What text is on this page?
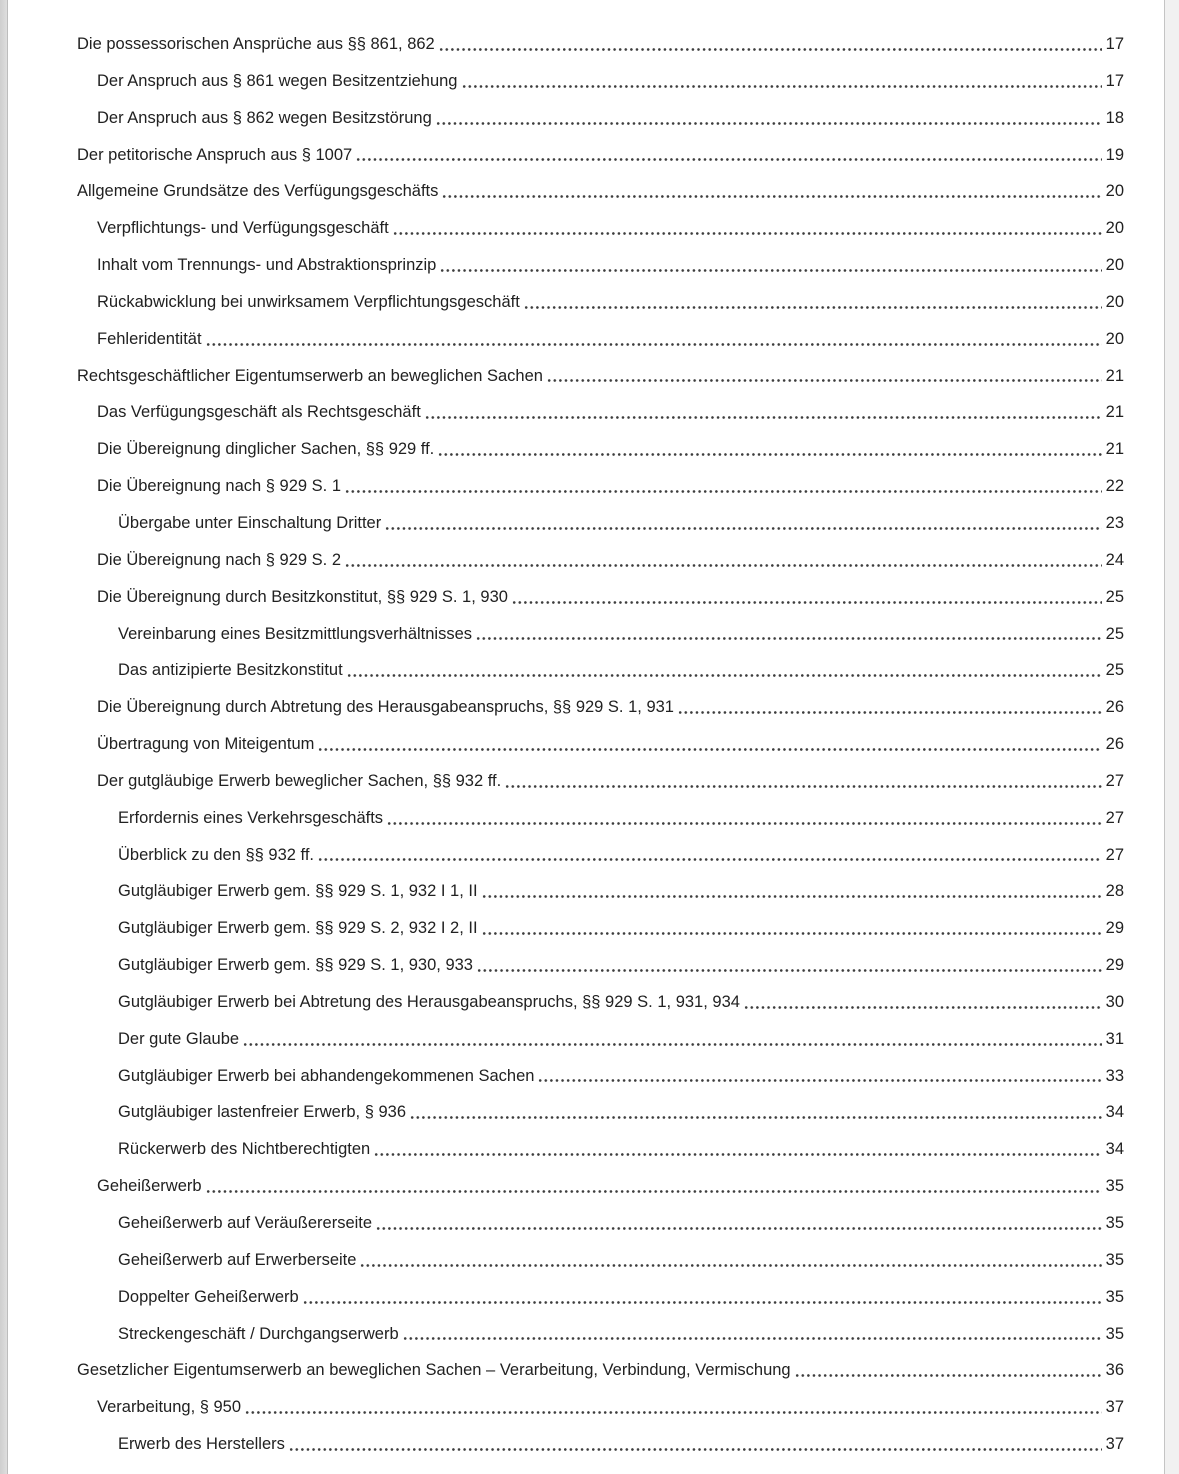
Die possessorischen Ansprüche aus §§ 861, 862	17
Der Anspruch aus § 861 wegen Besitzentziehung	17
Der Anspruch aus § 862 wegen Besitzstörung	18
Der petitorische Anspruch aus § 1007	19
Allgemeine Grundsätze des Verfügungsgeschäfts	20
Verpflichtungs- und Verfügungsgeschäft	20
Inhalt vom Trennungs- und Abstraktionsprinzip	20
Rückabwicklung bei unwirksamem Verpflichtungsgeschäft	20
Fehleridentität	20
Rechtsgeschäftlicher Eigentumserwerb an beweglichen Sachen	21
Das Verfügungsgeschäft als Rechtsgeschäft	21
Die Übereignung dinglicher Sachen, §§ 929 ff.	21
Die Übereignung nach § 929 S. 1	22
Übergabe unter Einschaltung Dritter	23
Die Übereignung nach § 929 S. 2	24
Die Übereignung durch Besitzkonstitut, §§ 929 S. 1, 930	25
Vereinbarung eines Besitzmittlungsverhältnisses	25
Das antizipierte Besitzkonstitut	25
Die Übereignung durch Abtretung des Herausgabeanspruchs, §§ 929 S. 1, 931	26
Übertragung von Miteigentum	26
Der gutgläubige Erwerb beweglicher Sachen, §§ 932 ff.	27
Erfordernis eines Verkehrsgeschäfts	27
Überblick zu den §§ 932 ff.	27
Gutgläubiger Erwerb gem. §§ 929 S. 1, 932 I 1, II	28
Gutgläubiger Erwerb gem. §§ 929 S. 2, 932 I 2, II	29
Gutgläubiger Erwerb gem. §§ 929 S. 1, 930, 933	29
Gutgläubiger Erwerb bei Abtretung des Herausgabeanspruchs, §§ 929 S. 1, 931, 934	30
Der gute Glaube	31
Gutgläubiger Erwerb bei abhandengekommenen Sachen	33
Gutgläubiger lastenfreier Erwerb, § 936	34
Rückerwerb des Nichtberechtigten	34
Geheißerwerb	35
Geheißerwerb auf Veräußererseite	35
Geheißerwerb auf Erwerberseite	35
Doppelter Geheißerwerb	35
Streckengeschäft / Durchgangserwerb	35
Gesetzlicher Eigentumserwerb an beweglichen Sachen – Verarbeitung, Verbindung, Vermischung	36
Verarbeitung, § 950	37
Erwerb des Herstellers	37
